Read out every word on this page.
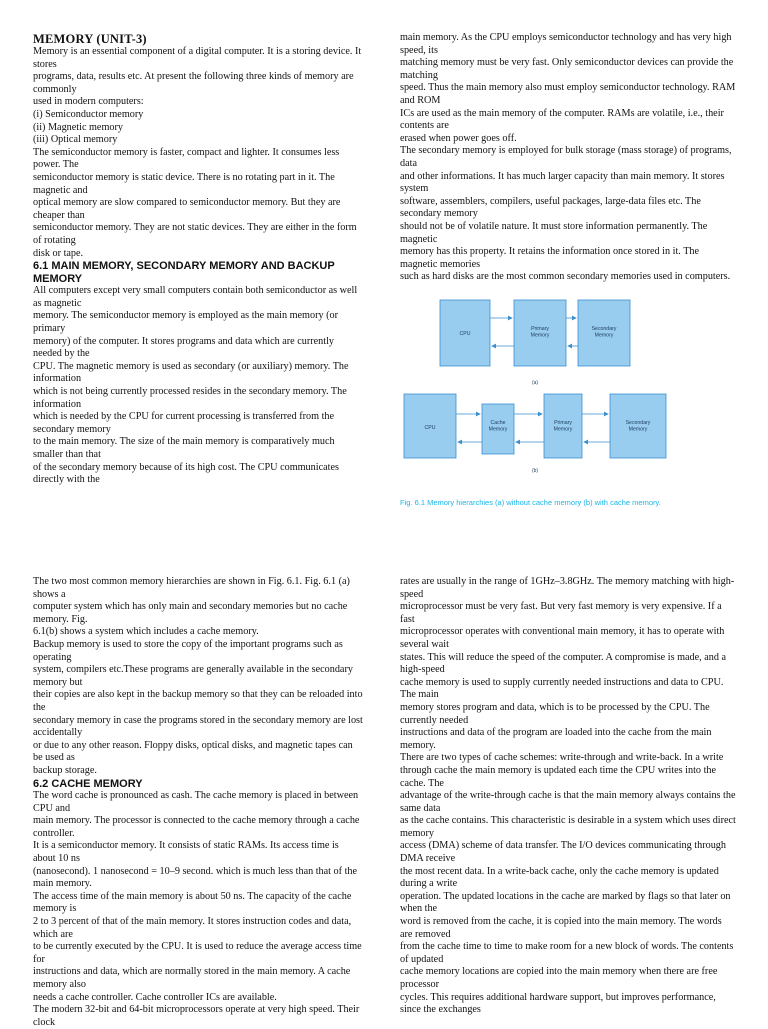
MEMORY (UNIT-3)

Memory is an essential component of a digital computer. It is a storing device. It stores

programs, data, results etc. At present the following three kinds of memory are commonly

used in modern computers:

(i) Semiconductor memory

(ii) Magnetic memory

(iii) Optical memory

The semiconductor memory is faster, compact and lighter. It consumes less power. The

semiconductor memory is static device. There is no rotating part in it. The magnetic and

optical memory are slow compared to semiconductor memory. But they are cheaper than

semiconductor memory. They are not static devices. They are either in the form of rotating

disk or tape.

6.1 MAIN MEMORY, SECONDARY MEMORY AND BACKUP MEMORY

All computers except very small computers contain both semiconductor as well as magnetic

memory. The semiconductor memory is employed as the main memory (or primary

memory) of the computer. It stores programs and data which are currently needed by the

CPU. The magnetic memory is used as secondary (or auxiliary) memory. The information

which is not being currently processed resides in the secondary memory. The information

which is needed by the CPU for current processing is transferred from the secondary memory

to the main memory. The size of the main memory is comparatively much smaller than that

of the secondary memory because of its high cost. The CPU communicates directly with the

main memory. As the CPU employs semiconductor technology and has very high speed, its

matching memory must be very fast. Only semiconductor devices can provide the matching

speed. Thus the main memory also must employ semiconductor technology. RAM and ROM

ICs are used as the main memory of the computer. RAMs are volatile, i.e., their contents are

erased when power goes off.

The secondary memory is employed for bulk storage (mass storage) of programs, data

and other informations. It has much larger capacity than main memory. It stores system

software, assemblers, compilers, useful packages, large-data files etc. The secondary memory

should not be of volatile nature. It must store information permanently. The magnetic

memory has this property. It retains the information once stored in it. The magnetic memories

such as hard disks are the most common secondary memories used in computers.

CPU
Primary Memory
Secondary Memory
(a)
CPU
Cache Memory
Primary Memory
Secondary Memory
(b)
Fig. 6.1 Memory hierarchies (a) without cache memory (b) with cache memory.

The two most common memory hierarchies are shown in Fig. 6.1. Fig. 6.1 (a) shows a

computer system which has only main and secondary memories but no cache memory. Fig.

6.1(b) shows a system which includes a cache memory.

Backup memory is used to store the copy of the important programs such as operating

system, compilers etc.These programs are generally available in the secondary memory but

their copies are also kept in the backup memory so that they can be reloaded into the

secondary memory in case the programs stored in the secondary memory are lost accidentally

or due to any other reason. Floppy disks, optical disks, and magnetic tapes can be used as

backup storage.

6.2 CACHE MEMORY

The word cache is pronounced as cash. The cache memory is placed in between CPU and

main memory. The processor is connected to the cache memory through a cache controller.

It is a semiconductor memory. It consists of static RAMs. Its access time is about 10 ns

(nanosecond). 1 nanosecond = 10–9 second. which is much less than that of the main memory.

The access time of the main memory is about 50 ns. The capacity of the cache memory is

2 to 3 percent of that of the main memory. It stores instruction codes and data, which are

to be currently executed by the CPU. It is used to reduce the average access time for

instructions and data, which are normally stored in the main memory. A cache memory also

needs a cache controller. Cache controller ICs are available.

The modern 32-bit and 64-bit microprocessors operate at very high speed. Their clock

rates are usually in the range of 1GHz–3.8GHz. The memory matching with high-speed

microprocessor must be very fast. But very fast memory is very expensive. If a fast

microprocessor operates with conventional main memory, it has to operate with several wait

states. This will reduce the speed of the computer. A compromise is made, and a high-speed

cache memory is used to supply currently needed instructions and data to CPU. The main

memory stores program and data, which is to be processed by the CPU. The currently needed

instructions and data of the program are loaded into the cache from the main memory.

There are two types of cache schemes: write-through and write-back. In a write

through cache the main memory is updated each time the CPU writes into the cache. The

advantage of the write-through cache is that the main memory always contains the same data

as the cache contains. This characteristic is desirable in a system which uses direct memory

access (DMA) scheme of data transfer. The I/O devices communicating through DMA receive

the most recent data. In a write-back cache, only the cache memory is updated during a write

operation. The updated locations in the cache are marked by flags so that later on when the

word is removed from the cache, it is copied into the main memory. The words are removed

from the cache time to time to make room for a new block of words. The contents of updated

cache memory locations are copied into the main memory when there are free processor

cycles. This requires additional hardware support, but improves performance, since the exchanges
